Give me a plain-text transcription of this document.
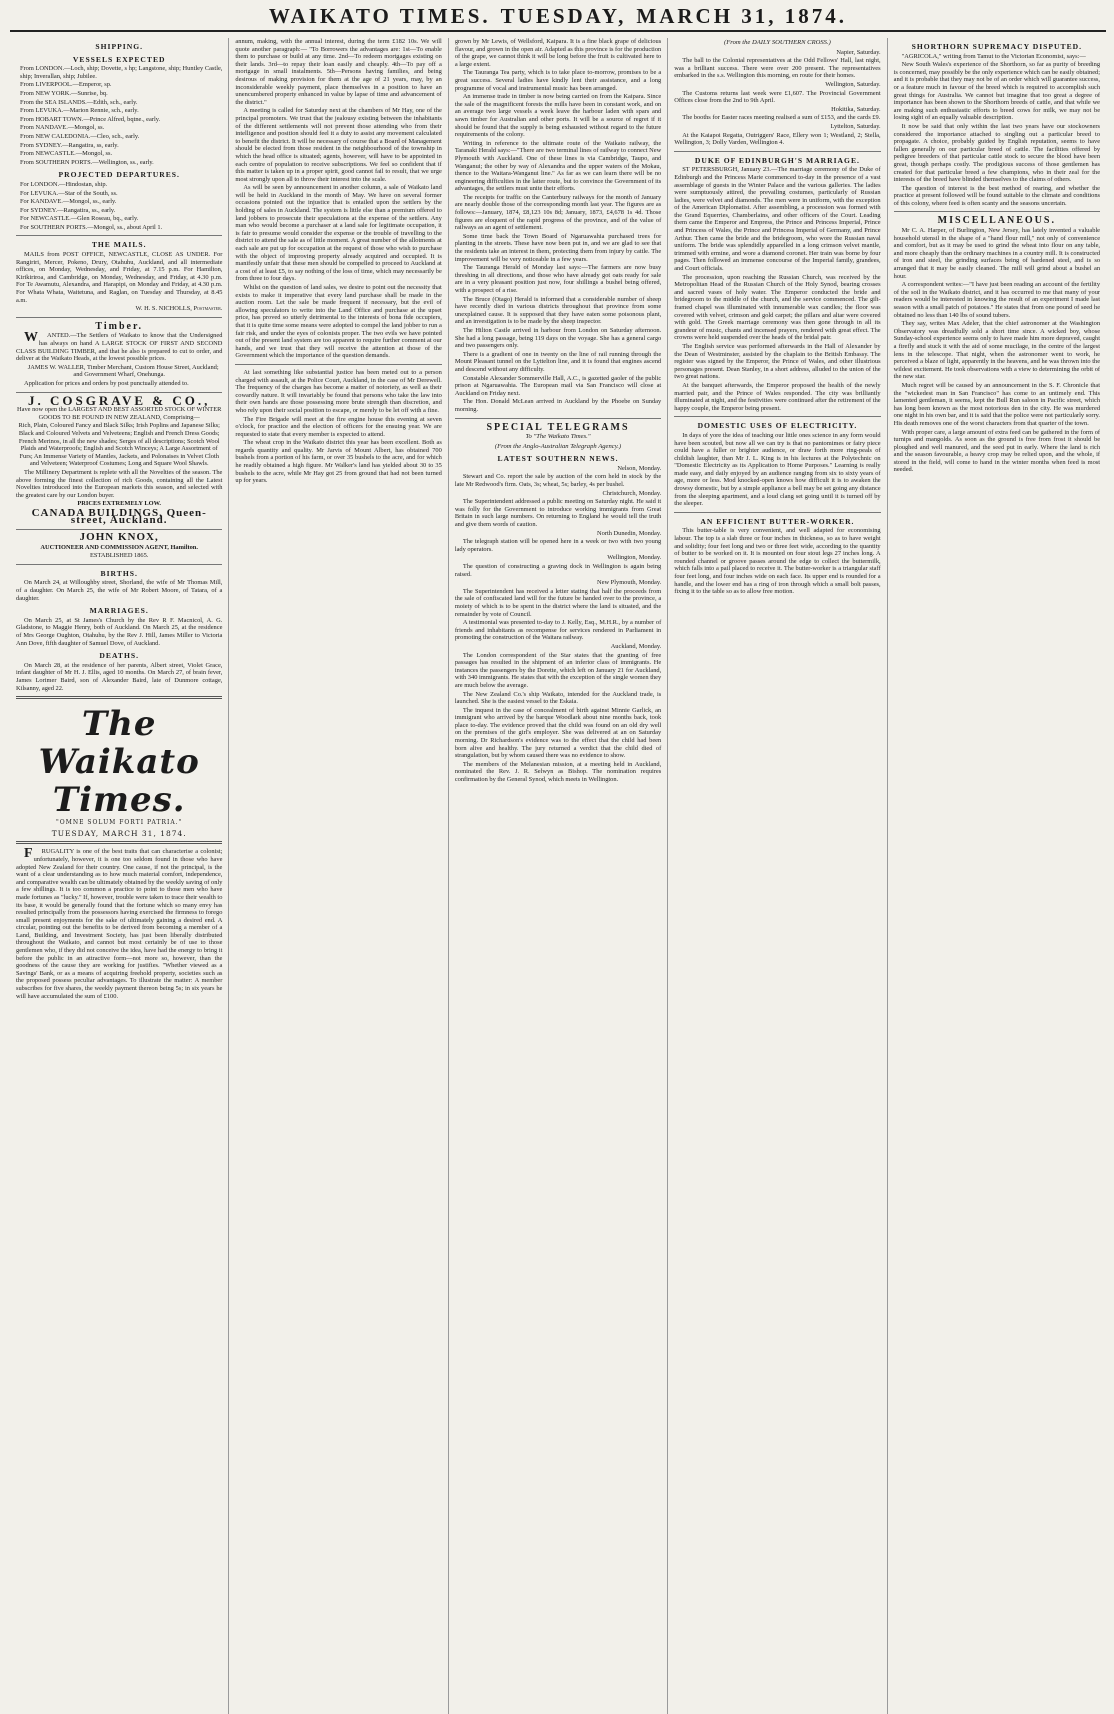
WAIKATO TIMES. TUESDAY, MARCH 31, 1874.
SHIPPING.
VESSELS EXPECTED

From LONDON.—Loch, ship; Dovette, s hp; Langstone, ship; Huntley Castle, ship; Inverallan, ship; Jubilee.

From LIVERPOOL.—Emperor, sp.

From NEW YORK.—Sunrise, bq.

From the SEA ISLANDS.—Edith, sch., early.

From LEVUKA.—Marion Rennie, sch., early.

From HOBART TOWN.—Prince Alfred, bqtne., early.

From NANDAVE.—Mongol, ss.

From NEW CALEDONIA.—Cleo, sch., early.

From SYDNEY.—Rangatira, ss, early.

From NEWCASTLE.—Mongol, ss.

From SOUTHERN PORTS.—Wellington, ss., early.

PROJECTED DEPARTURES.

For LONDON.—Hindostan, ship.

For LEVUKA.—Star of the South, ss.

For KANDAVE.—Mongol, ss., early.

For SYDNEY.—Rangatira, ss., early.

For NEWCASTLE.—Glen Roseau, bq., early.

For SOUTHERN PORTS.—Mongol, ss., about April 1.

THE MAILS.

MAILS from POST OFFICE, NEWCASTLE, CLOSE AS UNDER. For Rangiriri, Mercer, Pokeno, Drury, Otahuhu, Auckland, and all intermediate offices, on Monday, Wednesday, and Friday, at 7.15 p.m. For Hamilton, Kirikiriroa, and Cambridge, on Monday, Wednesday, and Friday, at 4.30 p.m. For Te Awamutu, Alexandra, and Harapipi, on Monday and Friday, at 4.30 p.m. For Whata Whata, Waitetuna, and Raglan, on Tuesday and Thursday, at 8.45 a.m.

W. H. S. NICHOLLS, Postmaster.
Timber.

WANTED.—The Settlers of Waikato to know that the Undersigned has always on hand A LARGE STOCK OF FIRST AND SECOND CLASS BUILDING TIMBER, and that he also is prepared to cut to order, and deliver at the Waikato Heads, at the lowest possible prices.

JAMES W. WALLER, Timber Merchant, Custom House Street, Auckland; and Government Wharf, Onehunga.

Application for prices and orders by post punctually attended to.

J. COSGRAVE & CO.,

Have now open the LARGEST AND BEST ASSORTED STOCK OF WINTER GOODS TO BE FOUND IN NEW ZEALAND, Comprising—

Rich, Plain, Coloured Fancy and Black Silks; Irish Poplins and Japanese Silks; Black and Coloured Velvets and Velveteens; English and French Dress Goods; French Merinos, in all the new shades; Serges of all descriptions; Scotch Wool Plaids and Waterproofs; English and Scotch Winceys; A Large Assortment of Furs; An Immense Variety of Mantles, Jackets, and Polonaises in Velvet Cloth and Velveteen; Waterproof Costumes; Long and Square Wool Shawls.

The Millinery Department is replete with all the Novelties of the season. The above forming the finest collection of rich Goods, containing all the Latest Novelties introduced into the European markets this season, and selected with the greatest care by our London buyer.

PRICES EXTREMELY LOW.

CANADA BUILDINGS, Queen-street, Auckland.
JOHN KNOX,

AUCTIONEER AND COMMISSION AGENT, Hamilton.

ESTABLISHED 1865.

BIRTHS.

On March 24, at Willoughby street, Shorland, the wife of Mr Thomas Mill, of a daughter. On March 25, the wife of Mr Robert Moore, of Tatara, of a daughter.

MARRIAGES.

On March 25, at St James's Church by the Rev R F. Macnicol, A. G. Gladstone, to Maggie Henry, both of Auckland. On March 25, at the residence of Mrs George Oughton, Otahuhu, by the Rev J. Hill, James Miller to Victoria Ann Dove, fifth daughter of Samuel Dove, of Auckland.

DEATHS.

On March 28, at the residence of her parents, Albert street, Violet Grace, infant daughter of Mr H. J. Ellis, aged 10 months. On March 27, of brain fever, James Lorimer Baird, son of Alexander Baird, late of Dunmore cottage, Kilsanny, aged 22.

The Waikato Times.
"OMNE SOLUM FORTI PATRIA."
TUESDAY, MARCH 31, 1874.

FRUGALITY is one of the best traits that can characterise a colonist; unfortunately, however, it is one too seldom found in those who have adopted New Zealand for their country. One cause, if not the principal, is the want of a clear understanding as to how much material comfort, independence, and comparative wealth can be ultimately obtained by the weekly saving of only a few shillings. It is too common a practice to point to those men who have made fortunes as "lucky." If, however, trouble were taken to trace their wealth to its base, it would be generally found that the fortune which so many envy has resulted principally from the possessors having exercised the firmness to forego small present enjoyments for the sake of ultimately gaining a desired end. A circular, pointing out the benefits to be derived from becoming a member of a Land, Building, and Investment Society, has just been liberally distributed throughout the Waikato, and cannot but most certainly be of use to those gentlemen who, if they did not conceive the idea, have had the energy to bring it before the public in an attractive form—not more so, however, than the goodness of the cause they are working for justifies. "Whether viewed as a Savings' Bank, or as a means of acquiring freehold property, societies such as the proposed possess peculiar advantages. To illustrate the matter: A member subscribes for five shares, the weekly payment thereon being 5s; in six years he will have accumulated the sum of £100.

annum, making, with the annual interest, during the term £182 10s. We will quote another paragraph:— "To Borrowers the advantages are: 1st—To enable them to purchase or build at any time. 2nd—To redeem mortgages existing on their lands. 3rd—to repay their loan easily and cheaply. 4th—To pay off a mortgage in small instalments. 5th—Persons having families, and being desirous of making provision for them at the age of 21 years, may, by an inconsiderable weekly payment, place themselves in a position to have an unencumbered property enhanced in value by lapse of time and advancement of the district."

A meeting is called for Saturday next at the chambers of Mr Hay, one of the principal promoters. We trust that the jealousy existing between the inhabitants of the different settlements will not prevent those attending who from their intelligence and position should feel it a duty to assist any movement calculated to benefit the district. It will be necessary of course that a Board of Management should be elected from those resident in the neighbourhood of the township in which the head office is situated; agents, however, will have to be appointed in each centre of population to receive subscriptions. We feel so confident that if this matter is taken up in a proper spirit, good cannot fail to result, that we urge most strongly upon all to throw their interest into the scale.

As will be seen by announcement in another column, a sale of Waikato land will be held in Auckland in the month of May. We have on several former occasions pointed out the injustice that is entailed upon the settlers by the holding of sales in Auckland. The system is little else than a premium offered to land jobbers to prosecute their speculations at the expense of the settlers. Any man who would become a purchaser at a land sale for legitimate occupation, it is fair to presume would consider the expense or the trouble of travelling to the district to attend the sale as of little moment. A great number of the allotments at each sale are put up for occupation at the request of those who wish to purchase with the object of improving property already acquired and occupied. It is manifestly unfair that these men should be compelled to proceed to Auckland at a cost of at least £5, to say nothing of the loss of time, which may necessarily be from three to four days.

Whilst on the question of land sales, we desire to point out the necessity that exists to make it imperative that every land purchase shall be made in the auction room. Let the sale be made frequent if necessary, but the evil of allowing speculators to write into the Land Office and purchase at the upset price, has proved so utterly detrimental to the interests of bona fide occupiers, that it is quite time some means were adopted to compel the land jobber to run a fair risk, and under the eyes of colonists proper. The two evils we have pointed out of the present land system are too apparent to require further comment at our hands, and we trust that they will receive the attention at those of the Government which the importance of the question demands.

At last something like substantial justice has been meted out to a person charged with assault, at the Police Court, Auckland, in the case of Mr Derewell. The frequency of the charges has become a matter of notoriety, as well as their cowardly nature. It will invariably be found that persons who take the law into their own hands are those possessing more brute strength than discretion, and who rely upon their social position to escape, or merely to be let off with a fine.

The Fire Brigade will meet at the fire engine house this evening at seven o'clock, for practice and the election of officers for the ensuing year. We are requested to state that every member is expected to attend.

The wheat crop in the Waikato district this year has been excellent. Both as regards quantity and quality. Mr Jarvis of Mount Albert, has obtained 700 bushels from a portion of his farm, or over 35 bushels to the acre, and for which he readily obtained a high figure. Mr Walker's land has yielded about 30 to 35 bushels to the acre, while Mr Hay got 25 from ground that had not been turned up for years.

grown by Mr Lewis, of Wellsford, Kaipara. It is a fine black grape of delicious flavour, and grown in the open air. Adapted as this province is for the production of the grape, we cannot think it will be long before the fruit is cultivated here to a large extent.

The Tauranga Tea party, which is to take place to-morrow, promises to be a great success. Several ladies have kindly lent their assistance, and a long programme of vocal and instrumental music has been arranged.

An immense trade in timber is now being carried on from the Kaipara. Since the sale of the magnificent forests the mills have been in constant work, and on an average two large vessels a week leave the harbour laden with spars and sawn timber for Australian and other ports. It will be a source of regret if it should be found that the supply is being exhausted without regard to the future requirements of the colony.

Writing in reference to the ultimate route of the Waikato railway, the Taranaki Herald says:—"There are two terminal lines of railway to connect New Plymouth with Auckland. One of these lines is via Cambridge, Taupo, and Wanganui; the other by way of Alexandra and the upper waters of the Mokau, thence to the Waitara-Wanganui line." As far as we can learn there will be no engineering difficulties in the latter route, but to convince the Government of its advantages, the settlers must unite their efforts.

The receipts for traffic on the Canterbury railways for the month of January are nearly double those of the corresponding month last year. The figures are as follows:—January, 1874, £8,123 10s 8d; January, 1873, £4,678 1s 4d. Those figures are eloquent of the rapid progress of the province, and of the value of railways as an agent of settlement.

Some time back the Town Board of Ngaruawahia purchased trees for planting in the streets. These have now been put in, and we are glad to see that the residents take an interest in them, protecting them from injury by cattle. The improvement will be very noticeable in a few years.

The Tauranga Herald of Monday last says:—The farmers are now busy threshing in all directions, and those who have already got oats ready for sale are in a very pleasant position just now, four shillings a bushel being offered, with a prospect of a rise.

The Bruce (Otago) Herald is informed that a considerable number of sheep have recently died in various districts throughout that province from some unexplained cause. It is supposed that they have eaten some poisonous plant, and an investigation is to be made by the sheep inspector.

The Hilton Castle arrived in harbour from London on Saturday afternoon. She had a long passage, being 119 days on the voyage. She has a general cargo and two passengers only.

There is a gradient of one in twenty on the line of rail running through the Mount Pleasant tunnel on the Lyttelton line, and it is found that engines ascend and descend without any difficulty.

Constable Alexander Sommerville Hall, A.C., is gazetted gaoler of the public prison at Ngaruawahia. The European mail via San Francisco will close at Auckland on Friday next.

The Hon. Donald McLean arrived in Auckland by the Phoebe on Sunday morning.

SPECIAL TELEGRAMS
To "The Waikato Times."
(From the Anglo-Australian Telegraph Agency.)
LATEST SOUTHERN NEWS.

Nelson, Monday.

Stewart and Co. report the sale by auction of the corn held in stock by the late Mr Redwood's firm. Oats, 3s; wheat, 5s; barley, 4s per bushel.

Christchurch, Monday.

The Superintendent addressed a public meeting on Saturday night. He said it was folly for the Government to introduce working immigrants from Great Britain in such large numbers. On returning to England he would tell the truth and give them words of caution.

North Dunedin, Monday.

The telegraph station will be opened here in a week or two with two young lady operators.

Wellington, Monday.

The question of constructing a graving dock in Wellington is again being raised.

New Plymouth, Monday.

The Superintendent has received a letter stating that half the proceeds from the sale of confiscated land will for the future be handed over to the province, a moiety of which is to be spent in the district where the land is situated, and the remainder by vote of Council.

A testimonial was presented to-day to J. Kelly, Esq., M.H.R., by a number of friends and inhabitants as recompense for services rendered in Parliament in promoting the construction of the Waitara railway.

Auckland, Monday.

The London correspondent of the Star states that the granting of free passages has resulted in the shipment of an inferior class of immigrants. He instances the passengers by the Dorette, which left on January 21 for Auckland, with 340 immigrants. He states that with the exception of the single women they are much below the average.

The New Zealand Co.'s ship Waikato, intended for the Auckland trade, is launched. She is the easiest vessel to the Eskaia.

The inquest in the case of concealment of birth against Minnie Garlick, an immigrant who arrived by the barque Woodlark about nine months back, took place to-day. The evidence proved that the child was found on an old dry well on the premises of the girl's employer. She was delivered at an on Saturday morning. Dr Richardson's evidence was to the effect that the child had been born alive and healthy. The jury returned a verdict that the child died of strangulation, but by whom caused there was no evidence to show.

The members of the Melanesian mission, at a meeting held in Auckland, nominated the Rev. J. R. Selwyn as Bishop. The nomination requires confirmation by the General Synod, which meets in Wellington.

(From the DAILY SOUTHERN CROSS.)

Napier, Saturday.

The ball to the Colonial representatives at the Odd Fellows' Hall, last night, was a brilliant success. There were over 200 present. The representatives embarked in the s.s. Wellington this morning, en route for their homes.

Wellington, Saturday.

The Customs returns last week were £1,607. The Provincial Government Offices close from the 2nd to 9th April.

Hokitika, Saturday.

The booths for Easter races meeting realised a sum of £153, and the cards £9.

Lyttelton, Saturday.

At the Kaiapoi Regatta, Outriggers' Race, Ellery won 1; Westland, 2; Stella, Wellington, 3; Dolly Varden, Wellington 4.

DUKE OF EDINBURGH'S MARRIAGE.

ST PETERSBURGH, January 23.—The marriage ceremony of the Duke of Edinburgh and the Princess Marie commenced to-day in the presence of a vast assemblage of guests in the Winter Palace and the various galleries. The ladies were sumptuously attired, the prevailing costumes, particularly of Russian ladies, were velvet and diamonds. The men were in uniform, with the exception of the American Diplomatist. After assembling, a procession was formed with the Grand Equerries, Chamberlains, and other officers of the Court. Leading them came the Emperor and Empress, the Prince and Princess Imperial, Prince and Princess of Wales, the Prince and Princess Imperial of Germany, and Prince Arthur. Then came the bride and the bridegroom, who wore the Russian naval uniform. The bride was splendidly apparelled in a long crimson velvet mantle, trimmed with ermine, and wore a diamond coronet. Her train was borne by four pages. Then followed an immense concourse of the Imperial family, grandees, and Court officials.

The procession, upon reaching the Russian Church, was received by the Metropolitan Head of the Russian Church of the Holy Synod, bearing crosses and sacred vases of holy water. The Emperor conducted the bride and bridegroom to the middle of the church, and the service commenced. The gilt-framed chapel was illuminated with innumerable wax candles; the floor was covered with velvet, crimson and gold carpet; the pillars and altar were covered with gold. The Greek marriage ceremony was then gone through in all its grandeur of music, chants and incensed prayers, rendered with great effect. The crowns were held suspended over the heads of the bridal pair.

The English service was performed afterwards in the Hall of Alexander by the Dean of Westminster, assisted by the chaplain to the British Embassy. The register was signed by the Emperor, the Prince of Wales, and other illustrious personages present. Dean Stanley, in a short address, alluded to the union of the two great nations.

At the banquet afterwards, the Emperor proposed the health of the newly married pair, and the Prince of Wales responded. The city was brilliantly illuminated at night, and the festivities were continued after the retirement of the happy couple, the Emperor being present.

DOMESTIC USES OF ELECTRICITY.

In days of yore the idea of teaching our little ones science in any form would have been scouted, but now all we can try is that no pantomimes or fairy piece could have a fuller or brighter audience, or draw forth more ring-peals of childish laughter, than Mr J. L. King is in his lectures at the Polytechnic on "Domestic Electricity as its Application to Home Purposes." Learning is really made easy, and daily enjoyed by an audience ranging from six to sixty years of age, more or less. Mod knocked-open knows how difficult it is to awaken the drowsy domestic, but by a simple appliance a bell may be set going any distance from the sleeping apartment, and a loud clang set going until it is turned off by the sleeper.

AN EFFICIENT BUTTER-WORKER.

This butter-table is very convenient, and well adapted for economising labour. The top is a slab three or four inches in thickness, so as to have weight and solidity; four feet long and two or three feet wide, according to the quantity of butter to be worked on it. It is mounted on four stout legs 27 inches long. A rounded channel or groove passes around the edge to collect the buttermilk, which falls into a pail placed to receive it. The butter-worker is a triangular staff four feet long, and four inches wide on each face. Its upper end is rounded for a handle, and the lower end has a ring of iron through which a small bolt passes, fixing it to the table so as to allow free motion.

SHORTHORN SUPREMACY DISPUTED.

"AGRICOLA," writing from Tamut to the Victorian Economist, says:—

New South Wales's experience of the Shorthorn, so far as purity of breeding is concerned, may possibly be the only experience which can be easily obtained; and it is probable that they may not be of an order which will guarantee success, or a feature much in favour of the breed which is required to accomplish such great things for Australia. We cannot but imagine that too great a degree of importance has been shown to the Shorthorn breeds of cattle, and that while we are making such enthusiastic efforts to breed cows for milk, we may not be losing sight of an equally valuable description.

It now be said that only within the last two years have our stockowners considered the importance attached to singling out a particular breed to propagate. A choice, probably guided by English reputation, seems to have fallen generally on our particular breed of cattle. The facilities offered by pedigree breeders of that particular cattle stock to secure the blood have been great, though perhaps costly. The prodigious success of those gentlemen has created for that particular breed a few champions, who in their zeal for the interests of the breed have blinded themselves to the claims of others.

The question of interest is the best method of rearing, and whether the practice at present followed will be found suitable to the climate and conditions of this colony, where feed is often scanty and the seasons uncertain.

MISCELLANEOUS.

Mr C. A. Harper, of Burlington, New Jersey, has lately invented a valuable household utensil in the shape of a "hand flour mill," not only of convenience and comfort, but as it may be used to grind the wheat into flour on any table, and more cheaply than the ordinary machines in a country mill. It is constructed of iron and steel, the grinding surfaces being of hardened steel, and is so arranged that it may be easily cleaned. The mill will grind about a bushel an hour.

A correspondent writes:—"I have just been reading an account of the fertility of the soil in the Waikato district, and it has occurred to me that many of your readers would be interested in knowing the result of an experiment I made last season with a small patch of potatoes." He states that from one pound of seed he obtained no less than 140 lbs of sound tubers.

They say, writes Max Adeler, that the chief astronomer at the Washington Observatory was dreadfully sold a short time since. A wicked boy, whose Sunday-school experience seems only to have made him more depraved, caught a firefly and stuck it with the aid of some mucilage, in the centre of the largest lens in the telescope. That night, when the astronomer went to work, he perceived a blaze of light, apparently in the heavens, and he was thrown into the wildest excitement. He took observations with a view to determining the orbit of the new star.

Much regret will be caused by an announcement in the S. F. Chronicle that the "wickedest man in San Francisco" has come to an untimely end. This lamented gentleman, it seems, kept the Bull Run saloon in Pacific street, which has long been known as the most notorious den in the city. He was murdered one night in his own bar, and it is said that the police were not particularly sorry. His death removes one of the worst characters from that quarter of the town.

With proper care, a large amount of extra feed can be gathered in the form of turnips and mangolds. As soon as the ground is free from frost it should be ploughed and well manured, and the seed put in early. Where the land is rich and the season favourable, a heavy crop may be relied upon, and the whole, if stored in the field, will come to hand in the winter months when feed is most needed.
